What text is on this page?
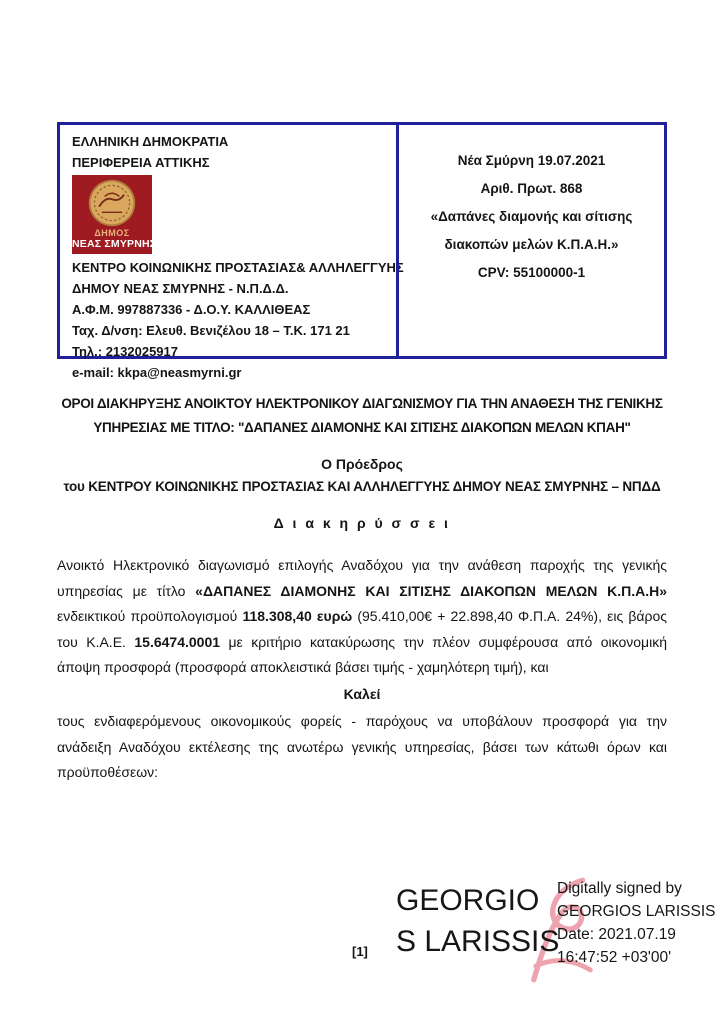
ΕΛΛΗΝΙΚΗ ΔΗΜΟΚΡΑΤΙΑ
ΠΕΡΙΦΕΡΕΙΑ ΑΤΤΙΚΗΣ
ΔΗΜΟΣ
ΝΕΑΣ ΣΜΥΡΝΗΣ
ΚΕΝΤΡΟ ΚΟΙΝΩΝΙΚΗΣ ΠΡΟΣΤΑΣΙΑΣ& ΑΛΛΗΛΕΓΓΥΗΣ
ΔΗΜΟΥ ΝΕΑΣ ΣΜΥΡΝΗΣ - Ν.Π.Δ.Δ.
Α.Φ.Μ. 997887336 - Δ.Ο.Υ. ΚΑΛΛΙΘΕΑΣ
Ταχ. Δ/νση: Ελευθ. Βενιζέλου 18 – Τ.Κ. 171 21
Τηλ.: 2132025917
e-mail: kkpa@neasmyrni.gr
Νέα Σμύρνη 19.07.2021
Αριθ. Πρωτ. 868
«Δαπάνες διαμονής και σίτισης
διακοπών μελών Κ.Π.Α.Η.»
CPV: 55100000-1
ΟΡΟΙ ΔΙΑΚΗΡΥΞΗΣ ΑΝΟΙΚΤΟΥ ΗΛΕΚΤΡΟΝΙΚΟΥ ΔΙΑΓΩΝΙΣΜΟΥ ΓΙΑ ΤΗΝ ΑΝΑΘΕΣΗ ΤΗΣ ΓΕΝΙΚΗΣ
ΥΠΗΡΕΣΙΑΣ ΜΕ ΤΙΤΛΟ: "ΔΑΠΑΝΕΣ ΔΙΑΜΟΝΗΣ ΚΑΙ ΣΙΤΙΣΗΣ ΔΙΑΚΟΠΩΝ ΜΕΛΩΝ ΚΠΑΗ"
Ο Πρόεδρος
του ΚΕΝΤΡΟΥ ΚΟΙΝΩΝΙΚΗΣ ΠΡΟΣΤΑΣΙΑΣ ΚΑΙ ΑΛΛΗΛΕΓΓΥΗΣ ΔΗΜΟΥ ΝΕΑΣ ΣΜΥΡΝΗΣ – ΝΠΔΔ
Δ ι α κ η ρ ύ σ σ ε ι

Ανοικτό Ηλεκτρονικό διαγωνισμό επιλογής Αναδόχου για την ανάθεση παροχής της γενικής υπηρεσίας με τίτλο «ΔΑΠΑΝΕΣ ΔΙΑΜΟΝΗΣ ΚΑΙ ΣΙΤΙΣΗΣ ΔΙΑΚΟΠΩΝ ΜΕΛΩΝ Κ.Π.Α.Η» ενδεικτικού προϋπολογισμού 118.308,40 ευρώ (95.410,00€ + 22.898,40 Φ.Π.Α. 24%), εις βάρος του Κ.Α.Ε. 15.6474.0001 με κριτήριο κατακύρωσης την πλέον συμφέρουσα από οικονομική άποψη προσφορά (προσφορά αποκλειστικά βάσει τιμής - χαμηλότερη τιμή), και

Καλεί

τους ενδιαφερόμενους οικονομικούς φορείς - παρόχους να υποβάλουν προσφορά για την ανάδειξη Αναδόχου εκτέλεσης της ανωτέρω γενικής υπηρεσίας, βάσει των κάτωθι όρων και προϋποθέσεων:

[1]
GEORGIO
S LARISSIS
Digitally signed by
GEORGIOS LARISSIS
Date: 2021.07.19
16:47:52 +03'00'
